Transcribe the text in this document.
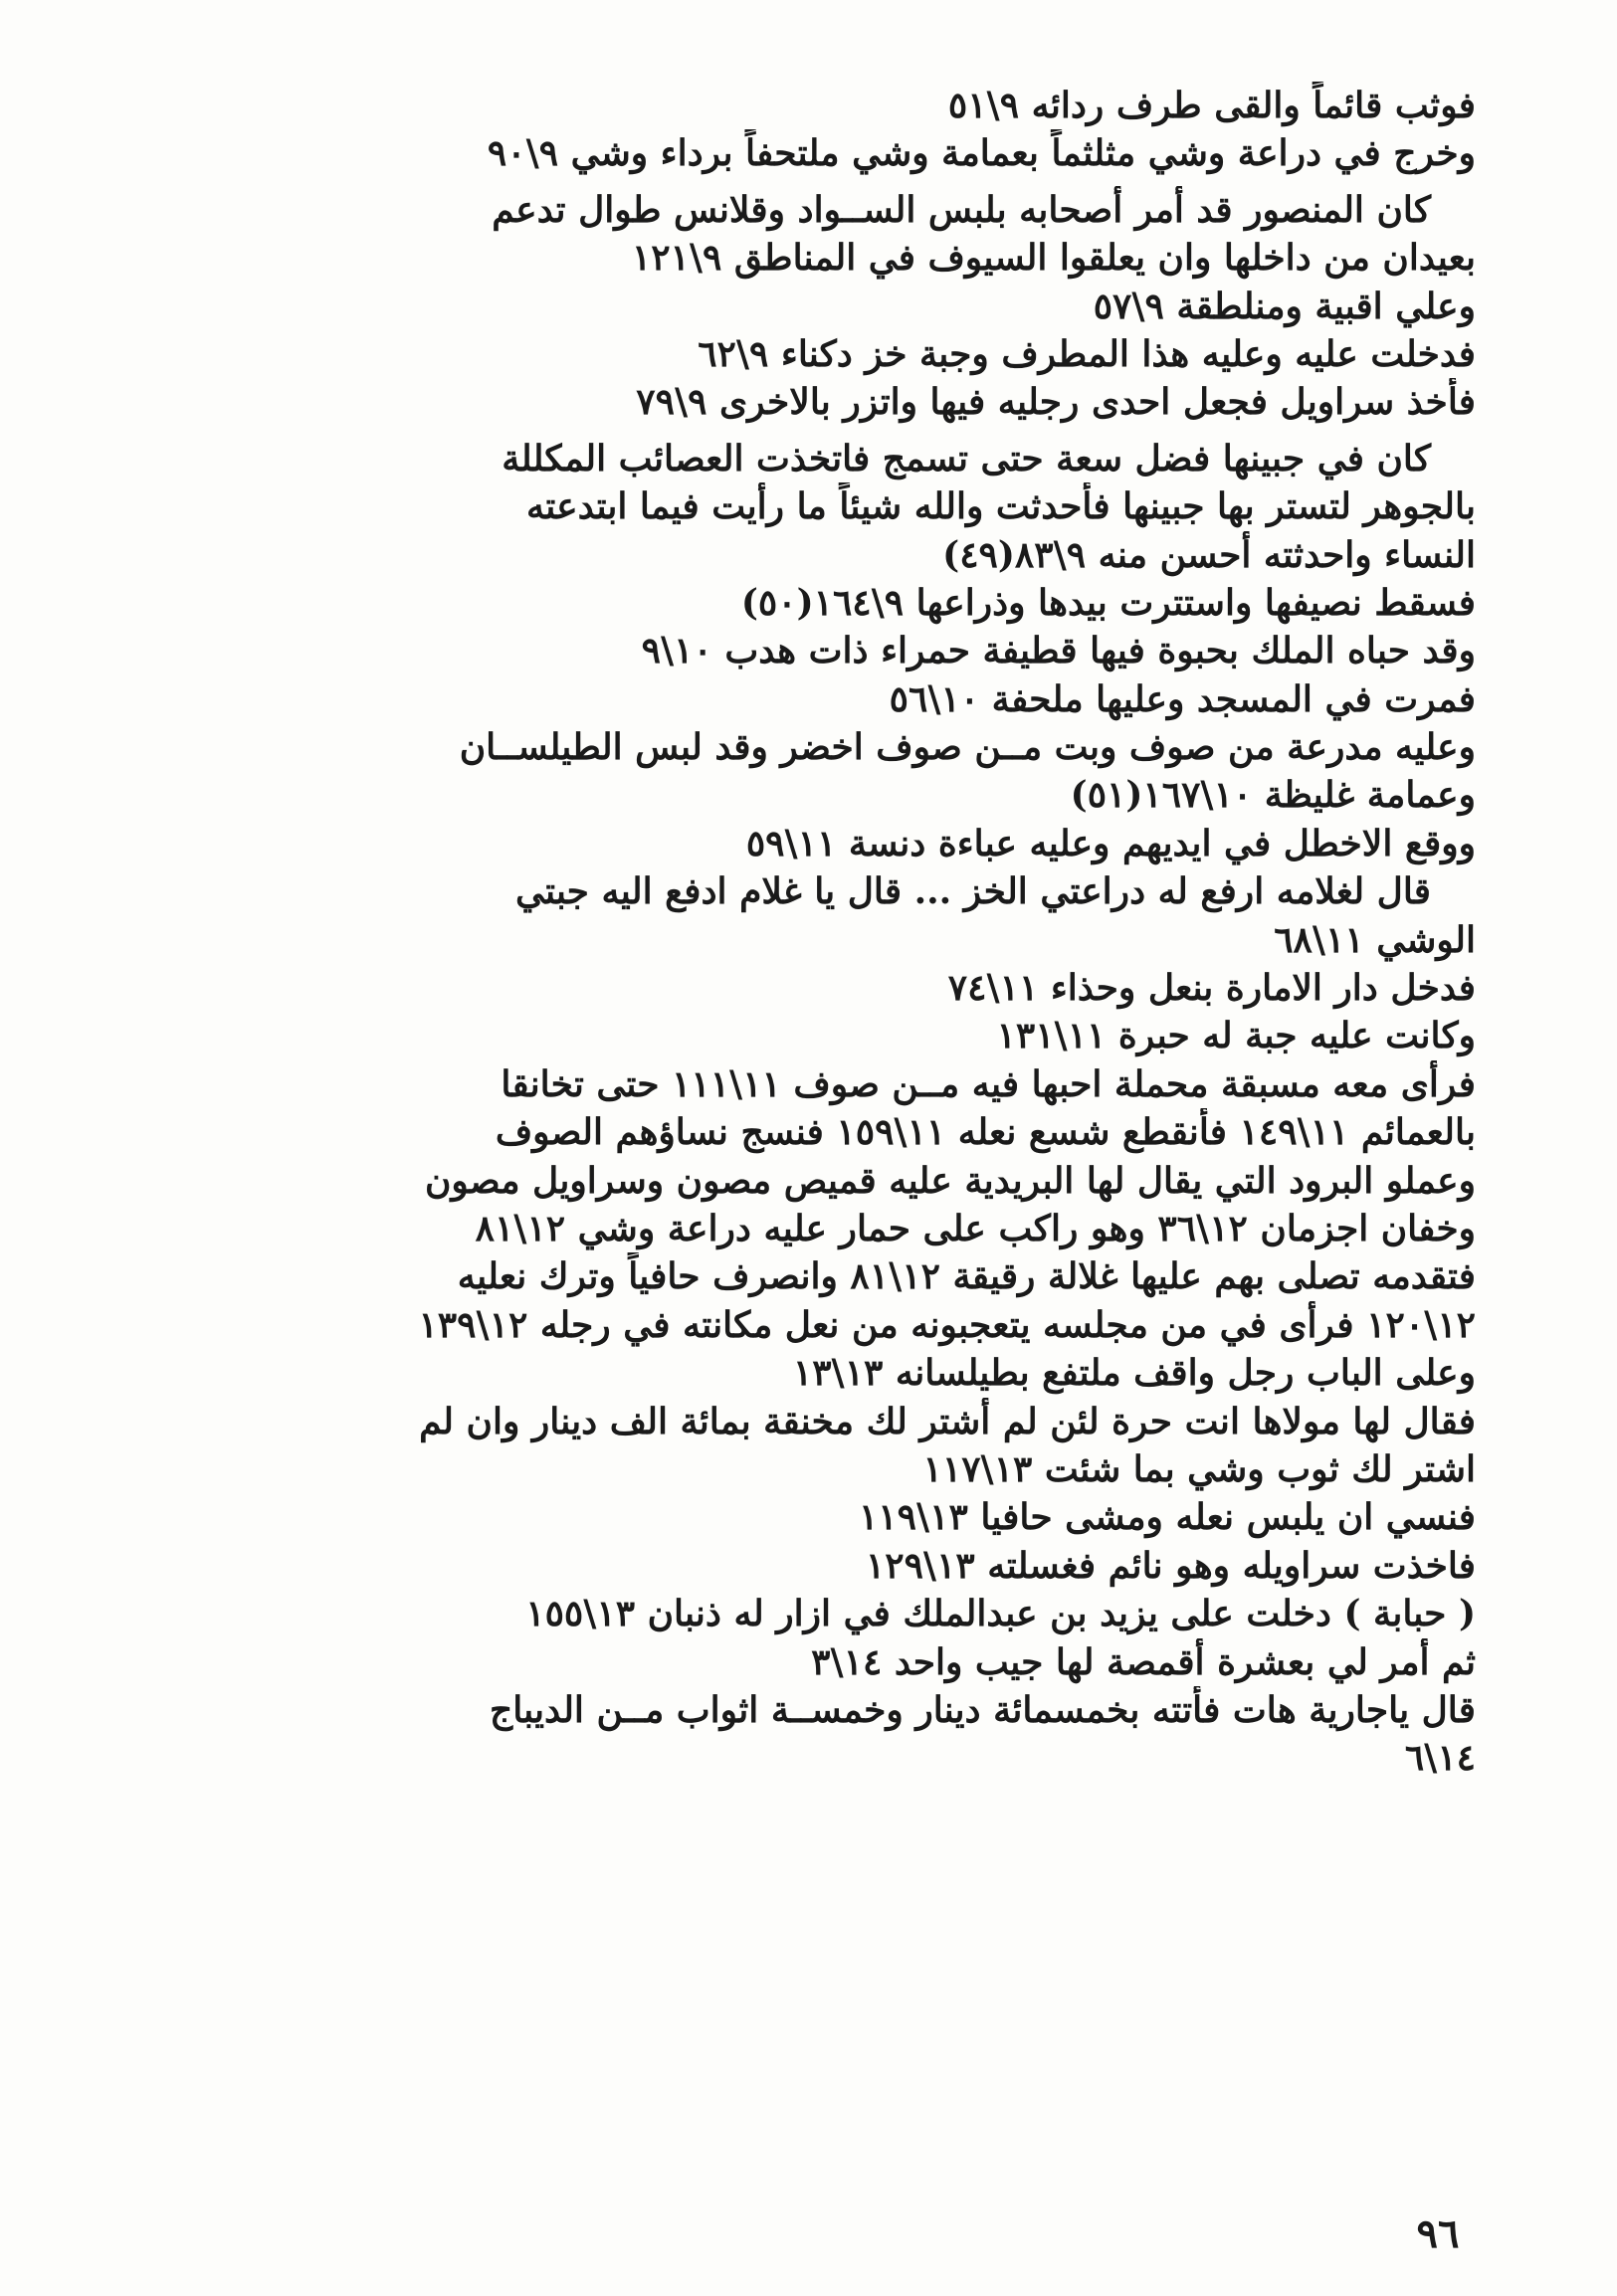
فوثب قائماً والقى طرف ردائه ٩\٥١
وخرج في دراعة وشي مثلثماً بعمامة وشي ملتحفاً برداء وشي ٩\٩٠
كان المنصور قد أمر أصحابه بلبس الســواد وقلانس طوال تدعم
بعيدان من داخلها وان يعلقوا السيوف في المناطق ٩\١٢١
وعلي اقبية ومنلطقة ٩\٥٧
فدخلت عليه وعليه هذا المطرف وجبة خز دكناء ٩\٦٢
فأخذ سراويل فجعل احدى رجليه فيها واتزر بالاخرى ٩\٧٩
كان في جبينها فضل سعة حتى تسمج فاتخذت العصائب المكللة
بالجوهر لتستر بها جبينها فأحدثت والله شيئاً ما رأيت فيما ابتدعته
النساء واحدثته أحسن منه ٩\٨٣(٤٩)
فسقط نصيفها واستترت بيدها وذراعها ٩\١٦٤(٥٠)
وقد حباه الملك بحبوة فيها قطيفة حمراء ذات هدب ١٠\٩
فمرت في المسجد وعليها ملحفة ١٠\٥٦
وعليه مدرعة من صوف وبت مــن صوف اخضر وقد لبس الطيلســان
وعمامة غليظة ١٠\١٦٧(٥١)
ووقع الاخطل في ايديهم وعليه عباءة دنسة ١١\٥٩
قال لغلامه ارفع له دراعتي الخز ... قال يا غلام ادفع اليه جبتي
الوشي ١١\٦٨
فدخل دار الامارة بنعل وحذاء ١١\٧٤
وكانت عليه جبة له حبرة ١١\١٣١
فرأى معه مسبقة محملة احبها فيه مــن صوف ١١\١١١ حتى تخانقا
بالعمائم ١١\١٤٩ فأنقطع شسع نعله ١١\١٥٩ فنسج نساؤهم الصوف
وعملو البرود التي يقال لها البريدية عليه قميص مصون وسراويل مصون
وخفان اجزمان ١٢\٣٦ وهو راكب على حمار عليه دراعة وشي ١٢\٨١
فتقدمه تصلى بهم عليها غلالة رقيقة ١٢\٨١ وانصرف حافياً وترك نعليه
١٢\١٢٠ فرأى في من مجلسه يتعجبونه من نعل مكانته في رجله ١٢\١٣٩
وعلى الباب رجل واقف ملتفع بطيلسانه ١٣\١٣
فقال لها مولاها انت حرة لئن لم أشتر لك مخنقة بمائة الف دينار وان لم
اشتر لك ثوب وشي بما شئت ١٣\١١٧
فنسي ان يلبس نعله ومشى حافيا ١٣\١١٩
فاخذت سراويله وهو نائم فغسلته ١٣\١٢٩
( حبابة ) دخلت على يزيد بن عبدالملك في ازار له ذنبان ١٣\١٥٥
ثم أمر لي بعشرة أقمصة لها جيب واحد ١٤\٣
قال ياجارية هات فأتته بخمسمائة دينار وخمســة اثواب مــن الديباج
١٤\٦
٩٦
